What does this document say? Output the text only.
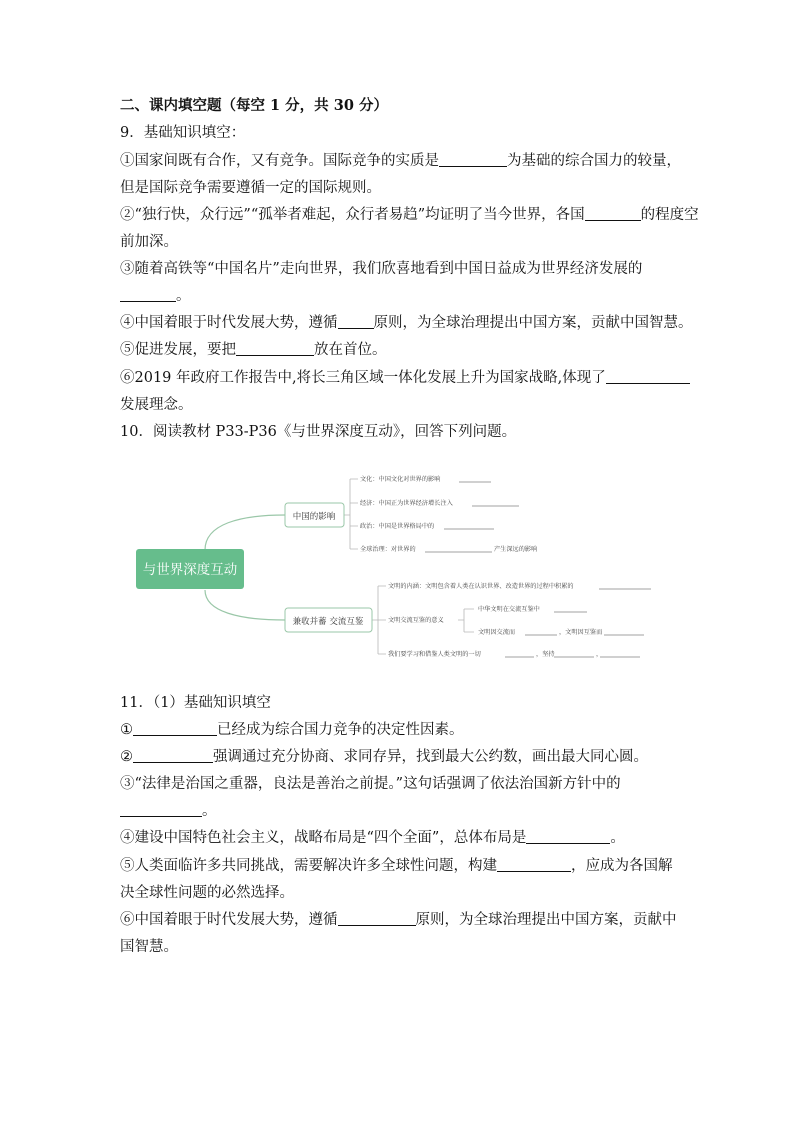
二、课内填空题（每空 1 分，共 30 分）
9．基础知识填空：
①国家间既有合作，又有竞争。国际竞争的实质是	为基础的综合国力的较量，
但是国际竞争需要遵循一定的国际规则。
②“独行快，众行远”“孤举者难起，众行者易趋”均证明了当今世界，各国	的程度空
前加深。
③随着高铁等“中国名片”走向世界，我们欣喜地看到中国日益成为世界经济发展的
。
④中国着眼于时代发展大势，遵循 原则，为全球治理提出中国方案，贡献中国智慧。
⑤促进发展，要把	放在首位。
⑥2019 年政府工作报告中,将长三角区域一体化发展上升为国家战略,体现了
发展理念。
10．阅读教材 P33-P36《与世界深度互动》，回答下列问题。
与世界深度互动
中国的影响
文化：中国文化对世界的影响
经济：中国正为世界经济增长注入
政治：中国是世界格局中的
全球治理：对世界的	产生深远的影响
兼收并蓄 交流互鉴
文明的内涵：文明包含着人类在认识世界、改造世界的过程中积累的
文明交流互鉴的意义
中华文明在交流互鉴中
文明因交流而	，文明因互鉴而
我们要学习和借鉴人类文明的一切	，坚持	，
11．（1）基础知识填空
①	已经成为综合国力竞争的决定性因素。
②	强调通过充分协商、求同存异，找到最大公约数，画出最大同心圆。
③“法律是治国之重器，良法是善治之前提。”这句话强调了依法治国新方针中的
。
④建设中国特色社会主义，战略布局是“四个全面”，总体布局是	。
⑤人类面临许多共同挑战，需要解决许多全球性问题，构建	，应成为各国解
决全球性问题的必然选择。
⑥中国着眼于时代发展大势，遵循	原则，为全球治理提出中国方案，贡献中
国智慧。
